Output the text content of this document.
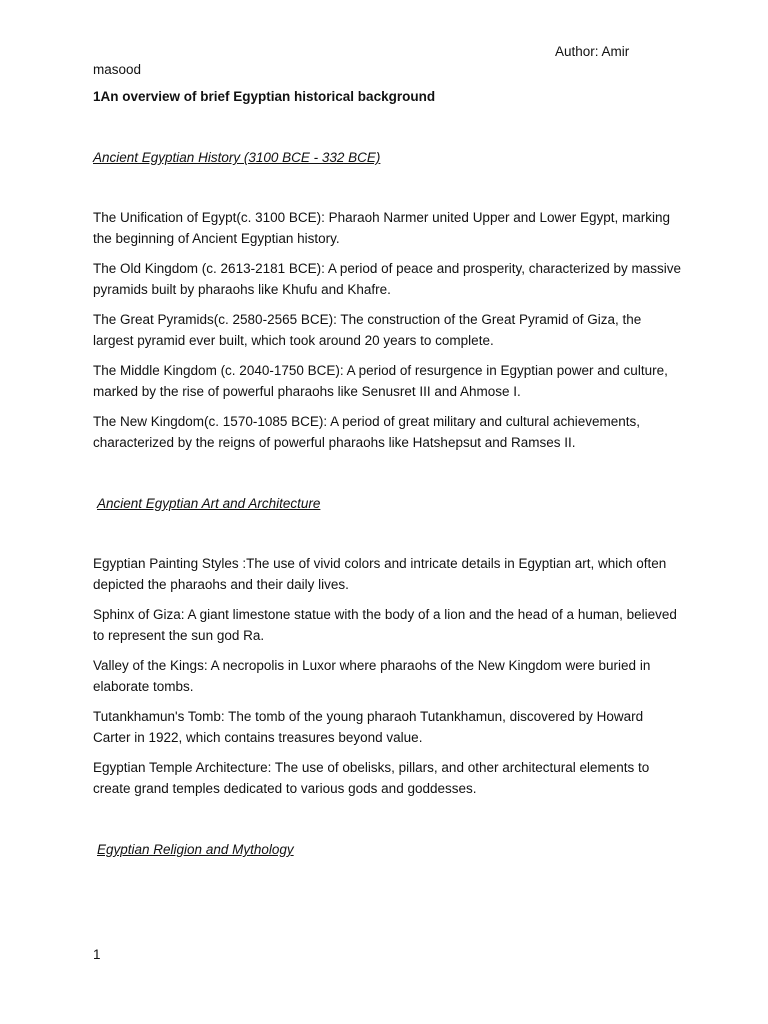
Author: Amir
masood
1An overview of brief Egyptian historical background
Ancient Egyptian History (3100 BCE - 332 BCE)

The Unification of Egypt(c. 3100 BCE): Pharaoh Narmer united Upper and Lower Egypt, marking the beginning of Ancient Egyptian history.

The Old Kingdom (c. 2613-2181 BCE): A period of peace and prosperity, characterized by massive pyramids built by pharaohs like Khufu and Khafre.

The Great Pyramids(c. 2580-2565 BCE): The construction of the Great Pyramid of Giza, the largest pyramid ever built, which took around 20 years to complete.

The Middle Kingdom (c. 2040-1750 BCE): A period of resurgence in Egyptian power and culture, marked by the rise of powerful pharaohs like Senusret III and Ahmose I.

The New Kingdom(c. 1570-1085 BCE): A period of great military and cultural achievements, characterized by the reigns of powerful pharaohs like Hatshepsut and Ramses II.

Ancient Egyptian Art and Architecture

Egyptian Painting Styles :The use of vivid colors and intricate details in Egyptian art, which often depicted the pharaohs and their daily lives.

Sphinx of Giza: A giant limestone statue with the body of a lion and the head of a human, believed to represent the sun god Ra.

Valley of the Kings: A necropolis in Luxor where pharaohs of the New Kingdom were buried in elaborate tombs.

Tutankhamun's Tomb: The tomb of the young pharaoh Tutankhamun, discovered by Howard Carter in 1922, which contains treasures beyond value.

Egyptian Temple Architecture: The use of obelisks, pillars, and other architectural elements to create grand temples dedicated to various gods and goddesses.

Egyptian Religion and Mythology
1
